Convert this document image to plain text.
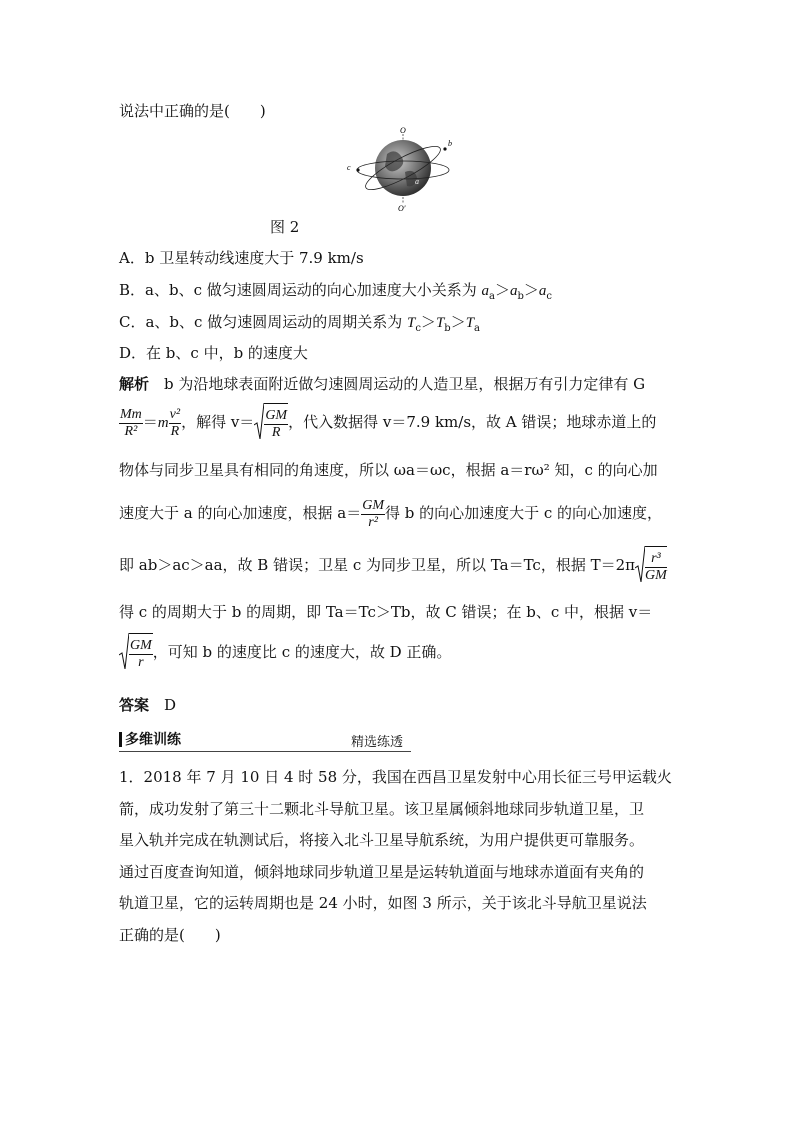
说法中正确的是(　　)
O
O′
b
c
a
图 2
A．b 卫星转动线速度大于 7.9 km/s
B．a、b、c 做匀速圆周运动的向心加速度大小关系为 $a_a>a_b>a_c$
C．a、b、c 做匀速圆周运动的周期关系为 $T_c>T_b>T_a$
D．在 b、c 中，b 的速度大
解析　 b 为沿地球表面附近做匀速圆周运动的人造卫星，根据万有引力定律有 G
$\frac{Mm}{\text{R²}} =m \frac{\text{v²}}{R}$ ，解得 $v= \frac{GM}{R}$ ，代入数据得 v＝7.9 km/s，故 A 错误；地球赤道上的
物体与同步卫星具有相同的角速度，所以 ωa＝ωc，根据 a＝rω² 知，c 的向心加
速度大于 a 的向心加速度，根据 $a= \frac{GM}{\text{r²}}$ 得 b 的向心加速度大于 c 的向心加速度，
即 ab＞ac＞aa，故 B 错误；卫星 c 为同步卫星，所以 Ta＝Tc，根据 $T=2\pi \frac{\text{r³}}{GM}$
得 c 的周期大于 b 的周期，即 Ta＝Tc＞Tb，故 C 错误；在 b、c 中，根据 v＝
$\frac{GM}{r}$ ，可知 b 的速度比 c 的速度大，故 D 正确。
答案　 D
多维训练	精选练透
1．2018 年 7 月 10 日 4 时 58 分，我国在西昌卫星发射中心用长征三号甲运载火
箭，成功发射了第三十二颗北斗导航卫星。该卫星属倾斜地球同步轨道卫星，卫
星入轨并完成在轨测试后，将接入北斗卫星导航系统，为用户提供更可靠服务。
通过百度查询知道，倾斜地球同步轨道卫星是运转轨道面与地球赤道面有夹角的
轨道卫星，它的运转周期也是 24 小时，如图 3 所示，关于该北斗导航卫星说法
正确的是(　　)
